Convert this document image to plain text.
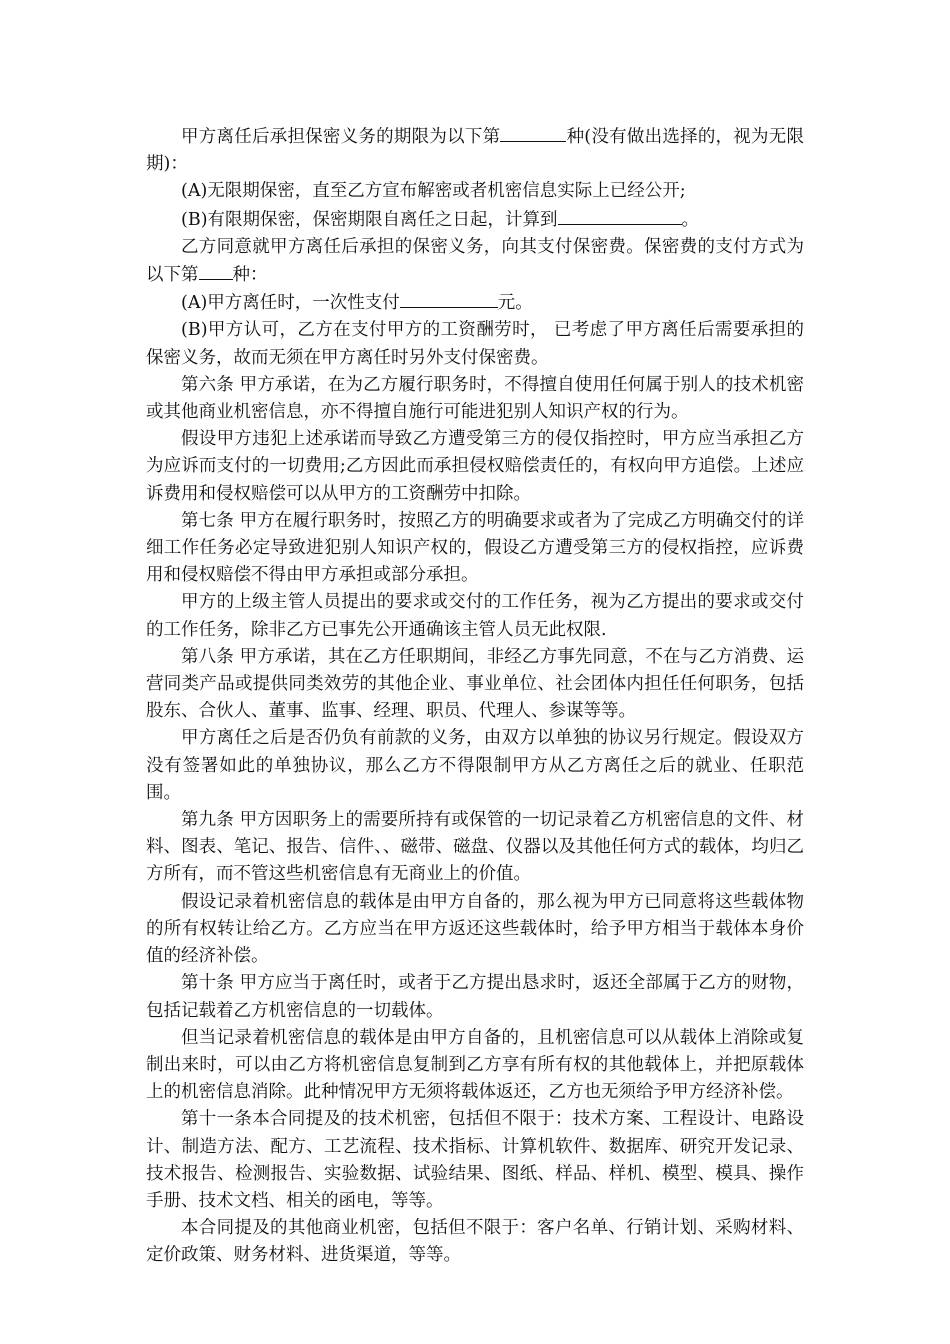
甲方离任后承担保密义务的期限为以下第	种(没有做出选择的，视为无限期)：

(A)无限期保密，直至乙方宣布解密或者机密信息实际上已经公开;

(B)有限期保密，保密期限自离任之日起，计算到	。

乙方同意就甲方离任后承担的保密义务，向其支付保密费。保密费的支付方式为以下第 种：

(A)甲方离任时，一次性支付	元。

(B)甲方认可，乙方在支付甲方的工资酬劳时， 已考虑了甲方离任后需要承担的保密义务，故而无须在甲方离任时另外支付保密费。

第六条 甲方承诺，在为乙方履行职务时，不得擅自使用任何属于别人的技术机密或其他商业机密信息，亦不得擅自施行可能进犯别人知识产权的行为。

假设甲方违犯上述承诺而导致乙方遭受第三方的侵仅指控时，甲方应当承担乙方为应诉而支付的一切费用;乙方因此而承担侵权赔偿责任的，有权向甲方追偿。上述应诉费用和侵权赔偿可以从甲方的工资酬劳中扣除。

第七条 甲方在履行职务时，按照乙方的明确要求或者为了完成乙方明确交付的详细工作任务必定导致进犯别人知识产权的，假设乙方遭受第三方的侵权指控，应诉费用和侵权赔偿不得由甲方承担或部分承担。

甲方的上级主管人员提出的要求或交付的工作任务，视为乙方提出的要求或交付的工作任务，除非乙方已事先公开通确该主管人员无此权限.

第八条 甲方承诺，其在乙方任职期间，非经乙方事先同意，不在与乙方消费、运营同类产品或提供同类效劳的其他企业、事业单位、社会团体内担任任何职务，包括股东、合伙人、董事、监事、经理、职员、代理人、参谋等等。

甲方离任之后是否仍负有前款的义务，由双方以单独的协议另行规定。假设双方没有签署如此的单独协议，那么乙方不得限制甲方从乙方离任之后的就业、任职范围。

第九条 甲方因职务上的需要所持有或保管的一切记录着乙方机密信息的文件、材料、图表、笔记、报告、信件、、磁带、磁盘、仪器以及其他任何方式的载体，均归乙方所有，而不管这些机密信息有无商业上的价值。

假设记录着机密信息的载体是由甲方自备的，那么视为甲方已同意将这些载体物的所有权转让给乙方。乙方应当在甲方返还这些载体时，给予甲方相当于载体本身价值的经济补偿。

第十条 甲方应当于离任时，或者于乙方提出恳求时，返还全部属于乙方的财物，包括记载着乙方机密信息的一切载体。

但当记录着机密信息的载体是由甲方自备的，且机密信息可以从载体上消除或复制出来时，可以由乙方将机密信息复制到乙方享有所有权的其他载体上，并把原载体上的机密信息消除。此种情况甲方无须将载体返还，乙方也无须给予甲方经济补偿。

第十一条本合同提及的技术机密，包括但不限于：技术方案、工程设计、电路设计、制造方法、配方、工艺流程、技术指标、计算机软件、数据库、研究开发记录、技术报告、检测报告、实验数据、试验结果、图纸、样品、样机、模型、模具、操作手册、技术文档、相关的函电，等等。

本合同提及的其他商业机密，包括但不限于：客户名单、行销计划、采购材料、定价政策、财务材料、进货渠道，等等。
